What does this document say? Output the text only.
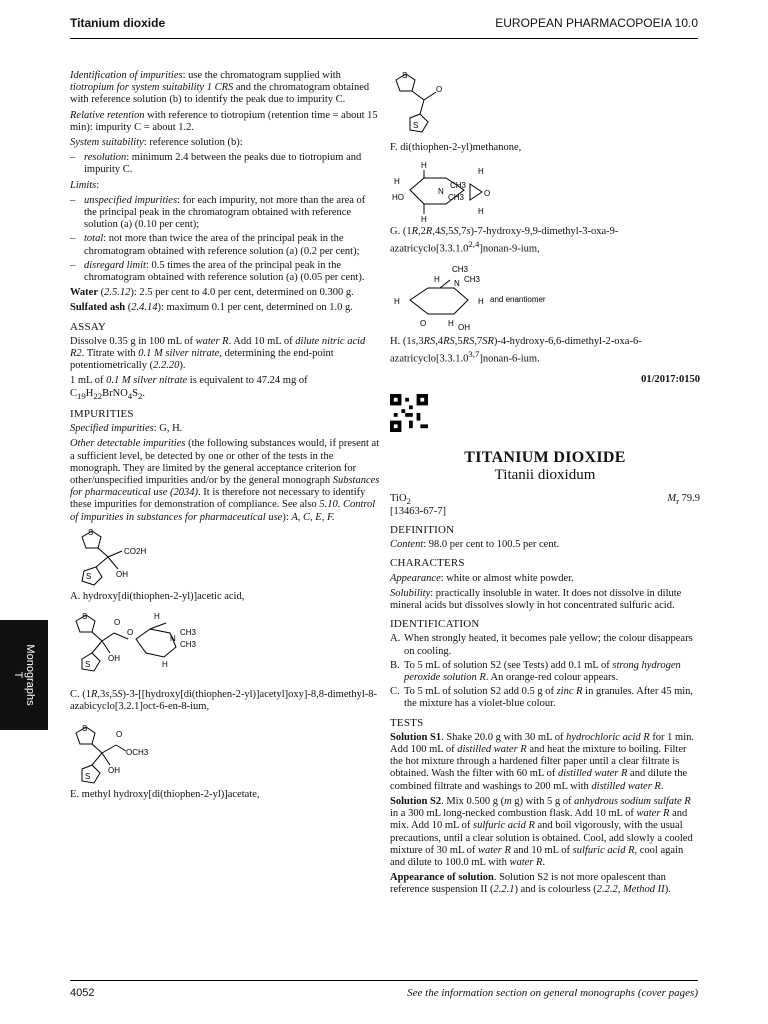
Titanium dioxide	EUROPEAN PHARMACOPOEIA 10.0

Identification of impurities: use the chromatogram supplied with tiotropium for system suitability 1 CRS and the chromatogram obtained with reference solution (b) to identify the peak due to impurity C.

Relative retention with reference to tiotropium (retention time = about 15 min): impurity C = about 1.2.

System suitability: reference solution (b):

– resolution: minimum 2.4 between the peaks due to tiotropium and impurity C.

Limits:

– unspecified impurities: for each impurity, not more than the area of the principal peak in the chromatogram obtained with reference solution (a) (0.10 per cent);
– total: not more than twice the area of the principal peak in the chromatogram obtained with reference solution (a) (0.2 per cent);
– disregard limit: 0.5 times the area of the principal peak in the chromatogram obtained with reference solution (a) (0.05 per cent).

Water (2.5.12): 2.5 per cent to 4.0 per cent, determined on 0.300 g.

Sulfated ash (2.4.14): maximum 0.1 per cent, determined on 1.0 g.

ASSAY

Dissolve 0.35 g in 100 mL of water R. Add 10 mL of dilute nitric acid R2. Titrate with 0.1 M silver nitrate, determining the end-point potentiometrically (2.2.20).

1 mL of 0.1 M silver nitrate is equivalent to 47.24 mg of $C_{19}H_{22}BrNO_4S_2$.

IMPURITIES

Specified impurities: G, H.

Other detectable impurities (the following substances would, if present at a sufficient level, be detected by one or other of the tests in the monograph. They are limited by the general acceptance criterion for other/unspecified impurities and/or by the general monograph Substances for pharmaceutical use (2034). It is therefore not necessary to identify these impurities for demonstration of compliance. See also 5.10. Control of impurities in substances for pharmaceutical use): A, C, E, F.

S
CO2H
OH
S

A. hydroxy[di(thiophen-2-yl)]acetic acid,

S
O
O
OH
S
H
H
N
CH3
CH3

C. (1R,3s,5S)-3-[[hydroxy[di(thiophen-2-yl)]acetyl]oxy]-8,8-dimethyl-8-azabicyclo[3.2.1]oct-6-en-8-ium,

S
O
OCH3
OH
S

E. methyl hydroxy[di(thiophen-2-yl)]acetate,

S
O
S

F. di(thiophen-2-yl)methanone,

H
H
H
HO
N
CH3
CH3
H
O
H

G. (1R,2R,4S,5S,7s)-7-hydroxy-9,9-dimethyl-3-oxa-9-azatricyclo[3.3.1.0$^{2,4}$]nonan-9-ium,

CH3
H N CH3
H
O	H OH
H and enantiomer

H. (1s,3RS,4RS,5RS,7SR)-4-hydroxy-6,6-dimethyl-2-oxa-6-azatricyclo[3.3.1.0$^{3,7}$]nonan-6-ium.

01/2017:0150

TITANIUM DIOXIDE
Titanii dioxidum
TiO$_2$	$M_r$ 79.9

[13463-67-7]

DEFINITION

Content: 98.0 per cent to 100.5 per cent.

CHARACTERS

Appearance: white or almost white powder.

Solubility: practically insoluble in water. It does not dissolve in dilute mineral acids but dissolves slowly in hot concentrated sulfuric acid.

IDENTIFICATION
A. When strongly heated, it becomes pale yellow; the colour disappears on cooling.
B. To 5 mL of solution S2 (see Tests) add 0.1 mL of strong hydrogen peroxide solution R. An orange-red colour appears.
C. To 5 mL of solution S2 add 0.5 g of zinc R in granules. After 45 min, the mixture has a violet-blue colour.
TESTS

Solution S1. Shake 20.0 g with 30 mL of hydrochloric acid R for 1 min. Add 100 mL of distilled water R and heat the mixture to boiling. Filter the hot mixture through a hardened filter paper until a clear filtrate is obtained. Wash the filter with 60 mL of distilled water R and dilute the combined filtrate and washings to 200 mL with distilled water R.

Solution S2. Mix 0.500 g (m g) with 5 g of anhydrous sodium sulfate R in a 300 mL long-necked combustion flask. Add 10 mL of water R and mix. Add 10 mL of sulfuric acid R and boil vigorously, with the usual precautions, until a clear solution is obtained. Cool, add slowly a cooled mixture of 30 mL of water R and 10 mL of sulfuric acid R, cool again and dilute to 100.0 mL with water R.

Appearance of solution. Solution S2 is not more opalescent than reference suspension II (2.2.1) and is colourless (2.2.2, Method II).

Monographs
T
4052	See the information section on general monographs (cover pages)
